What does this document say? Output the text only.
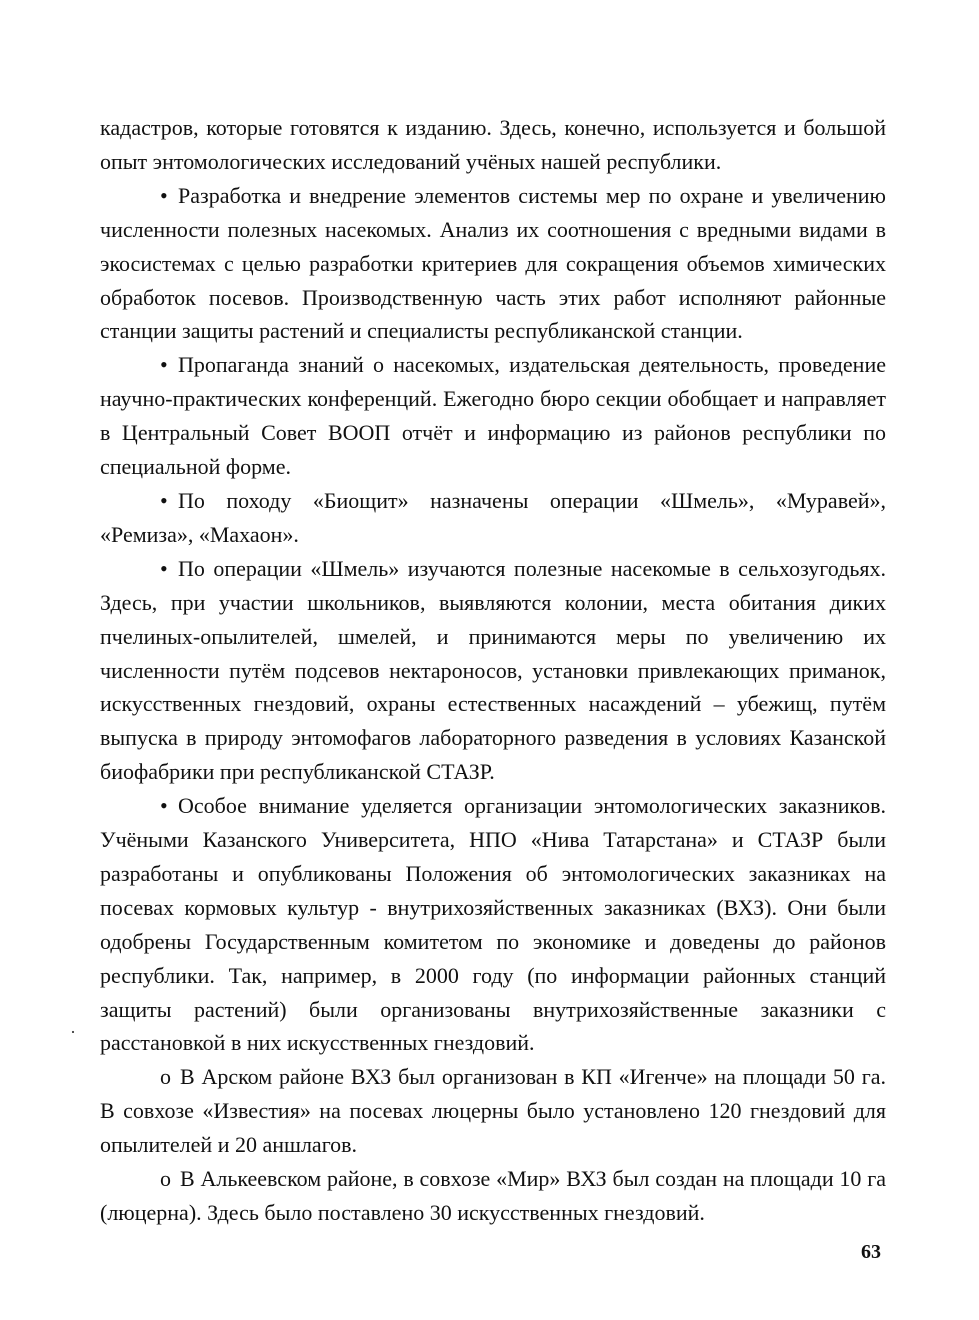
кадастров, которые готовятся к изданию. Здесь, конечно, используется и большой опыт энтомологических исследований учёных нашей республики.

• Разработка и внедрение элементов системы мер по охране и увеличению численности полезных насекомых. Анализ их соотношения с вредными видами в экосистемах с целью разработки критериев для сокращения объемов химических обработок посевов. Производственную часть этих работ исполняют районные станции защиты растений и специалисты республиканской станции.

• Пропаганда знаний о насекомых, издательская деятельность, проведение научно-практических конференций. Ежегодно бюро секции обобщает и направляет в Центральный Совет ВООП отчёт и информацию из районов республики по специальной форме.

• По походу «Биощит» назначены операции «Шмель», «Муравей», «Ремиза», «Махаон».

• По операции «Шмель» изучаются полезные насекомые в сельхозугодьях. Здесь, при участии школьников, выявляются колонии, места обитания диких пчелиных-опылителей, шмелей, и принимаются меры по увеличению их численности путём подсевов нектароносов, установки привлекающих приманок, искусственных гнездовий, охраны естественных насаждений – убежищ, путём выпуска в природу энтомофагов лабораторного разведения в условиях Казанской биофабрики при республиканской СТАЗР.

• Особое внимание уделяется организации энтомологических заказников. Учёными Казанского Университета, НПО «Нива Татарстана» и СТАЗР были разработаны и опубликованы Положения об энтомологических заказниках на посевах кормовых культур - внутрихозяйственных заказниках (ВХЗ). Они были одобрены Государственным комитетом по экономике и доведены до районов республики. Так, например, в 2000 году (по информации районных станций защиты растений) были организованы внутрихозяйственные заказники с расстановкой в них искусственных гнездовий.

o В Арском районе ВХЗ был организован в КП «Игенче» на площади 50 га. В совхозе «Известия» на посевах люцерны было установлено 120 гнездовий для опылителей и 20 аншлагов.

o В Алькеевском районе, в совхозе «Мир» ВХЗ был создан на площади 10 га (люцерна). Здесь было поставлено 30 искусственных гнездовий.

·
63
